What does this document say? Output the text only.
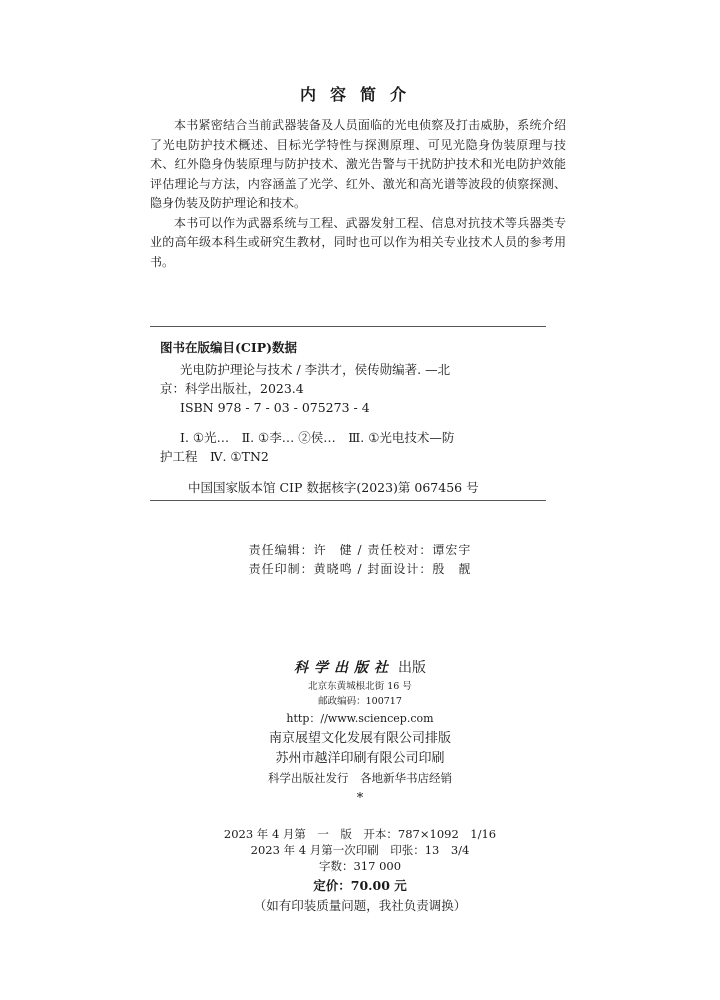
内容简介

本书紧密结合当前武器装备及人员面临的光电侦察及打击威胁，系统介绍了光电防护技术概述、目标光学特性与探测原理、可见光隐身伪装原理与技术、红外隐身伪装原理与防护技术、激光告警与干扰防护技术和光电防护效能评估理论与方法，内容涵盖了光学、红外、激光和高光谱等波段的侦察探测、隐身伪装及防护理论和技术。

本书可以作为武器系统与工程、武器发射工程、信息对抗技术等兵器类专业的高年级本科生或研究生教材，同时也可以作为相关专业技术人员的参考用书。

图书在版编目(CIP)数据

光电防护理论与技术 / 李洪才，侯传勋编著. —北

京：科学出版社，2023.4

ISBN 978 - 7 - 03 - 075273 - 4

Ⅰ. ①光…　Ⅱ. ①李… ②侯…　Ⅲ. ①光电技术—防

护工程　Ⅳ. ①TN2

中国国家版本馆 CIP 数据核字(2023)第 067456 号
责任编辑：许　健 / 责任校对：谭宏宇
责任印制：黄晓鸣 / 封面设计：殷　靓
科学出版社 出版
北京东黄城根北街 16 号
邮政编码：100717
http：//www.sciencep.com
南京展望文化发展有限公司排版
苏州市越洋印刷有限公司印刷
科学出版社发行　各地新华书店经销
*
2023 年 4 月第　一　版　开本：787×1092　1/16
2023 年 4 月第一次印刷　印张：13　3/4
字数：317 000
定价：70.00 元
（如有印装质量问题，我社负责调换）
